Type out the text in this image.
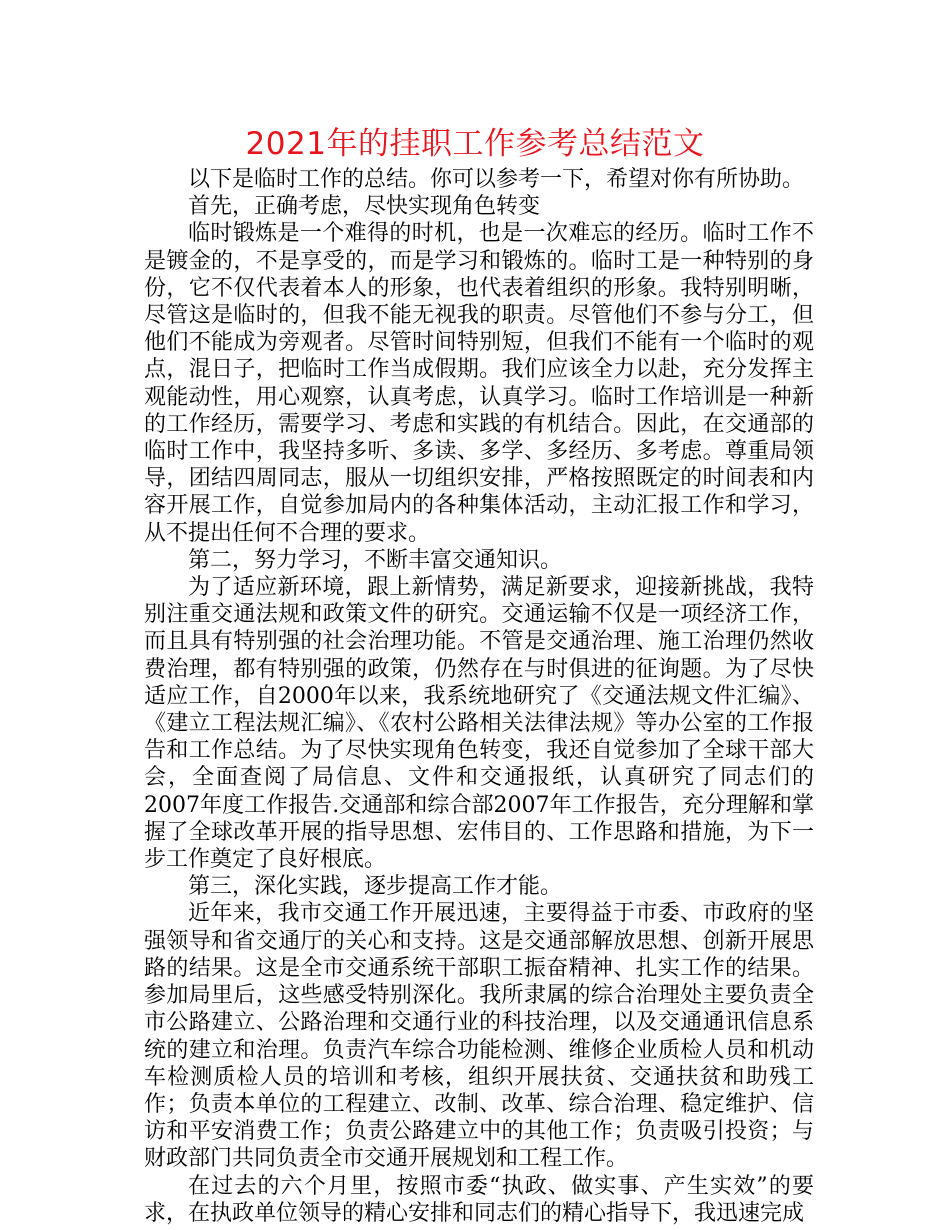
2021年的挂职工作参考总结范文

以下是临时工作的总结。你可以参考一下，希望对你有所协助。

首先，正确考虑，尽快实现角色转变

临时锻炼是一个难得的时机，也是一次难忘的经历。临时工作不是镀金的，不是享受的，而是学习和锻炼的。临时工是一种特别的身份，它不仅代表着本人的形象，也代表着组织的形象。我特别明晰，尽管这是临时的，但我不能无视我的职责。尽管他们不参与分工，但他们不能成为旁观者。尽管时间特别短，但我们不能有一个临时的观点，混日子，把临时工作当成假期。我们应该全力以赴，充分发挥主观能动性，用心观察，认真考虑，认真学习。临时工作培训是一种新的工作经历，需要学习、考虑和实践的有机结合。因此，在交通部的临时工作中，我坚持多听、多读、多学、多经历、多考虑。尊重局领导，团结四周同志，服从一切组织安排，严格按照既定的时间表和内容开展工作，自觉参加局内的各种集体活动，主动汇报工作和学习，从不提出任何不合理的要求。

第二，努力学习，不断丰富交通知识。

为了适应新环境，跟上新情势，满足新要求，迎接新挑战，我特别注重交通法规和政策文件的研究。交通运输不仅是一项经济工作，而且具有特别强的社会治理功能。不管是交通治理、施工治理仍然收费治理，都有特别强的政策，仍然存在与时俱进的征询题。为了尽快适应工作，自2000年以来，我系统地研究了《交通法规文件汇编》、《建立工程法规汇编》、《农村公路相关法律法规》等办公室的工作报告和工作总结。为了尽快实现角色转变，我还自觉参加了全球干部大会，全面查阅了局信息、文件和交通报纸，认真研究了同志们的2007年度工作报告.交通部和综合部2007年工作报告，充分理解和掌握了全球改革开展的指导思想、宏伟目的、工作思路和措施，为下一步工作奠定了良好根底。

第三，深化实践，逐步提高工作才能。

近年来，我市交通工作开展迅速，主要得益于市委、市政府的坚强领导和省交通厅的关心和支持。这是交通部解放思想、创新开展思路的结果。这是全市交通系统干部职工振奋精神、扎实工作的结果。参加局里后，这些感受特别深化。我所隶属的综合治理处主要负责全市公路建立、公路治理和交通行业的科技治理，以及交通通讯信息系统的建立和治理。负责汽车综合功能检测、维修企业质检人员和机动车检测质检人员的培训和考核，组织开展扶贫、交通扶贫和助残工作；负责本单位的工程建立、改制、改革、综合治理、稳定维护、信访和平安消费工作；负责公路建立中的其他工作；负责吸引投资；与财政部门共同负责全市交通开展规划和工程工作。

在过去的六个月里，按照市委“执政、做实事、产生实效”的要求，在执政单位领导的精心安排和同志们的精心指导下，我迅速完成
